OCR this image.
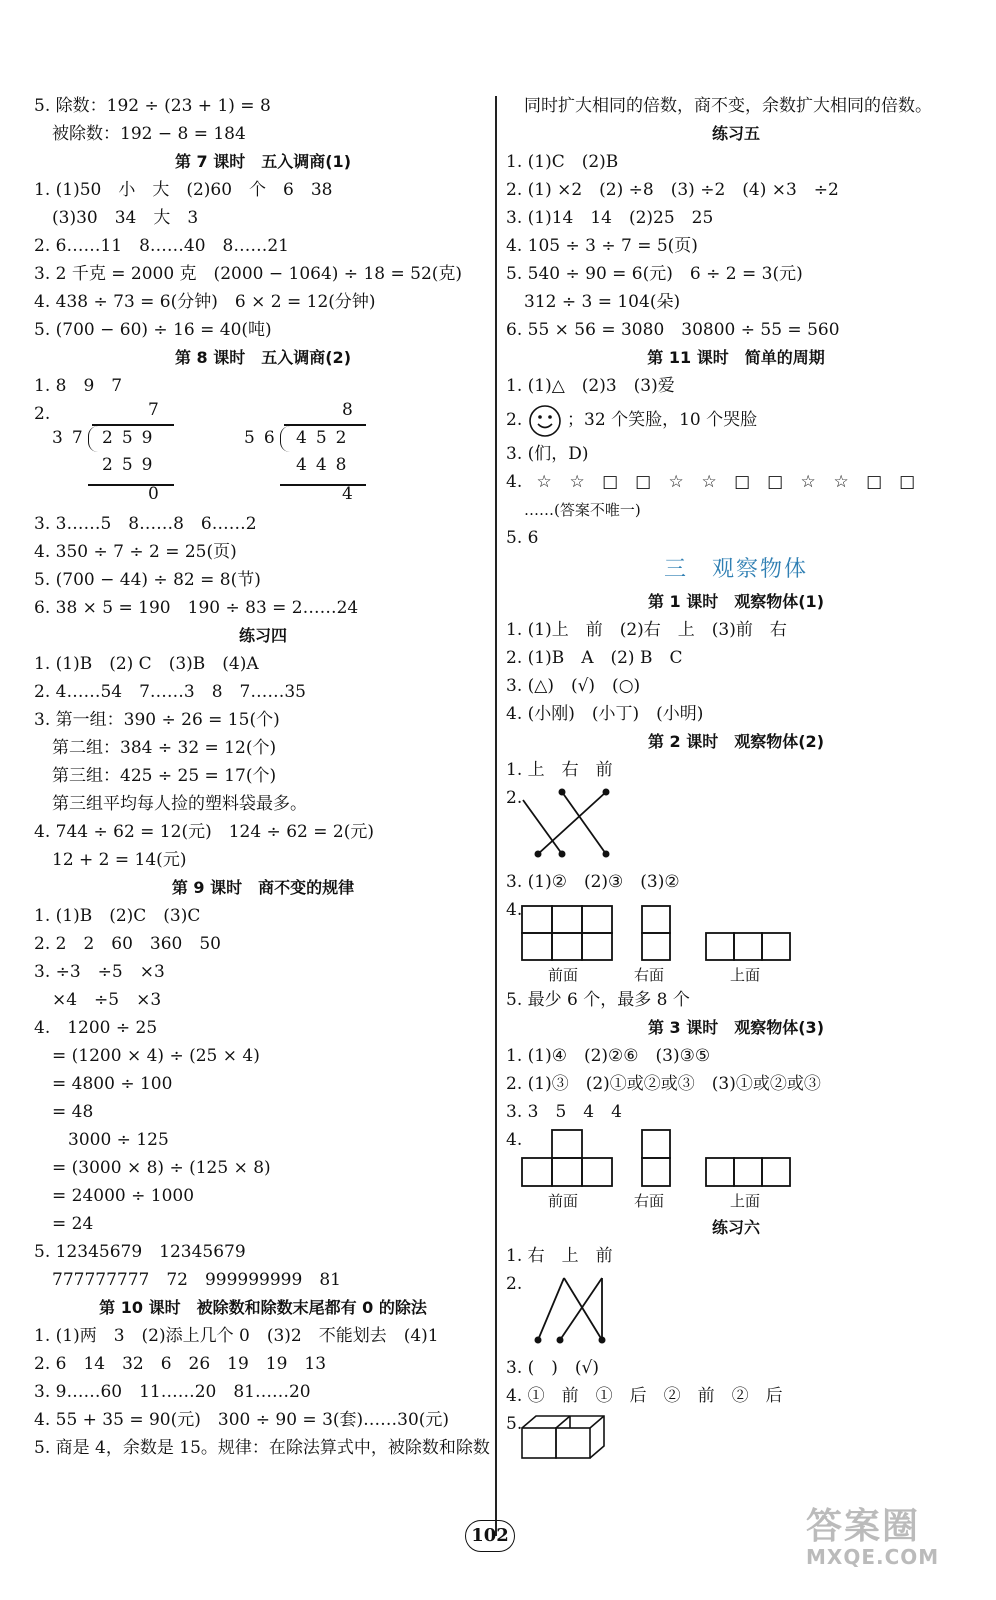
5. 除数：192 ÷ (23 + 1) = 8
被除数：192 − 8 = 184
第 7 课时　五入调商(1)
1. (1)50　小　大　(2)60　个　6　38
(3)30　34　大　3
2. 6……11　8……40　8……21
3. 2 千克 = 2000 克　(2000 − 1064) ÷ 18 = 52(克)
4. 438 ÷ 73 = 6(分钟)　6 × 2 = 12(分钟)
5. (700 − 60) ÷ 16 = 40(吨)
第 8 课时　五入调商(2)
1. 8　9　7
2.	7
37 259
259
0
8
56 452
448
4
3. 3……5　8……8　6……2
4. 350 ÷ 7 ÷ 2 = 25(页)
5. (700 − 44) ÷ 82 = 8(节)
6. 38 × 5 = 190　190 ÷ 83 = 2……24
练习四
1. (1)B　(2) C　(3)B　(4)A
2. 4……54　7……3　8　7……35
3. 第一组：390 ÷ 26 = 15(个)
第二组：384 ÷ 32 = 12(个)
第三组：425 ÷ 25 = 17(个)
第三组平均每人捡的塑料袋最多。
4. 744 ÷ 62 = 12(元)　124 ÷ 62 = 2(元)
12 + 2 = 14(元)
第 9 课时　商不变的规律
1. (1)B　(2)C　(3)C
2. 2　2　60　360　50
3. ÷3　÷5　×3
×4　÷5　×3
4.　1200 ÷ 25
= (1200 × 4) ÷ (25 × 4)
= 4800 ÷ 100
= 48
3000 ÷ 125
= (3000 × 8) ÷ (125 × 8)
= 24000 ÷ 1000
= 24
5. 12345679　12345679
777777777　72　999999999　81
第 10 课时　被除数和除数末尾都有 0 的除法
1. (1)两　3　(2)添上几个 0　(3)2　不能划去　(4)1
2. 6　14　32　6　26　19　19　13
3. 9……60　11……20　81……20
4. 55 + 35 = 90(元)　300 ÷ 90 = 3(套)……30(元)
5. 商是 4，余数是 15。规律：在除法算式中，被除数和除数
同时扩大相同的倍数，商不变，余数扩大相同的倍数。
练习五
1. (1)C　(2)B
2. (1) ×2　(2) ÷8　(3) ÷2　(4) ×3　÷2
3. (1)14　14　(2)25　25
4. 105 ÷ 3 ÷ 7 = 5(页)
5. 540 ÷ 90 = 6(元)　6 ÷ 2 = 3(元)
312 ÷ 3 = 104(朵)
6. 55 × 56 = 3080　30800 ÷ 55 = 560
第 11 课时　简单的周期
1. (1)△　(2)3　(3)爱
2.	；32 个笑脸，10 个哭脸
3. (们，D)
4. ☆ ☆ □ □ ☆ ☆ □ □ ☆ ☆ □ □
……(答案不唯一)
5. 6
三　观察物体
第 1 课时　观察物体(1)
1. (1)上　前　(2)右　上　(3)前　右
2. (1)B　A　(2) B　C
3. (△)　(√)　(○)
4. (小刚)　(小丁)　(小明)
第 2 课时　观察物体(2)
1. 上　右　前
2.
3. (1)②　(2)③　(3)②
4.
前面	右面	上面
5. 最少 6 个，最多 8 个
第 3 课时　观察物体(3)
1. (1)④　(2)②⑥　(3)③⑤
2. (1)③　(2)①或②或③　(3)①或②或③
3. 3　5　4　4
4.
前面	右面	上面
练习六
1. 右　上　前
2.
3. (　)　(√)
4. ①　前　①　后　②　前　②　后
5.
102	答案圈
MXQE.COM
